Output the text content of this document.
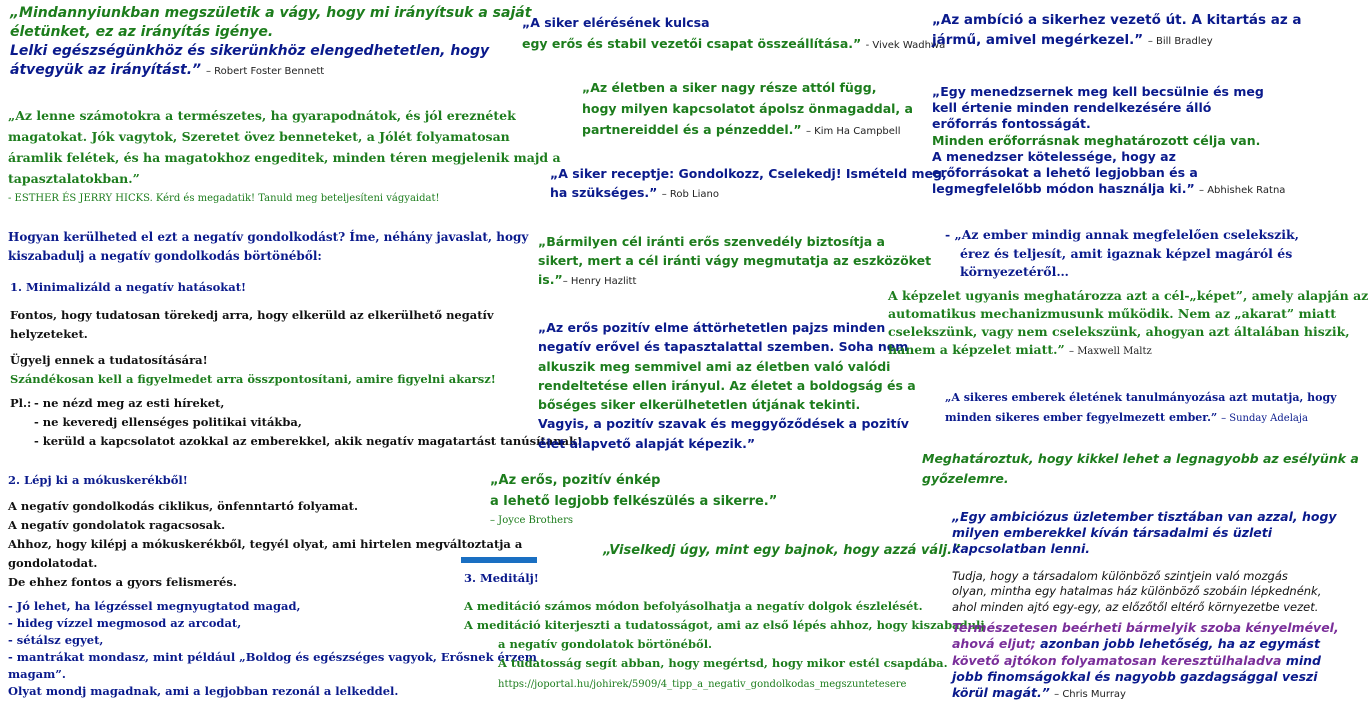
„Mindannyiunkban megszületik a vágy, hogy mi irányítsuk a saját
életünket, ez az irányítás igénye.
Lelki egészségünkhöz és sikerünkhöz elengedhetetlen, hogy
átvegyük az irányítást.” – Robert Foster Bennett
„Az lenne számotokra a természetes, ha gyarapodnátok, és jól ereznétek
magatokat. Jók vagytok, Szeretet övez benneteket, a Jólét folyamatosan
áramlik felétek, és ha magatokhoz engeditek, minden téren megjelenik majd a
tapasztalatokban.”
- ESTHER ÉS JERRY HICKS. Kérd és megadatik! Tanuld meg beteljesíteni vágyaidat!
Hogyan kerülheted el ezt a negatív gondolkodást? Íme, néhány javaslat, hogy
kiszabadulj a negatív gondolkodás börtönéből:
1. Minimalizáld a negatív hatásokat!
Fontos, hogy tudatosan törekedj arra, hogy elkerüld az elkerülhető negatív
helyzeteket.
Ügyelj ennek a tudatosítására!
Szándékosan kell a figyelmedet arra összpontosítani, amire figyelni akarsz!
Pl.: - ne nézd meg az esti híreket,
- ne keveredj ellenséges politikai vitákba,
- kerüld a kapcsolatot azokkal az emberekkel, akik negatív magatartást tanúsítanak!
2. Lépj ki a mókuskerékből!
A negatív gondolkodás ciklikus, önfenntartó folyamat.
A negatív gondolatok ragacsosak.
Ahhoz, hogy kilépj a mókuskerékből, tegyél olyat, ami hirtelen megváltoztatja a
gondolatodat.
De ehhez fontos a gyors felismerés.
- Jó lehet, ha légzéssel megnyugtatod magad,
- hideg vízzel megmosod az arcodat,
- sétálsz egyet,
- mantrákat mondasz, mint például „Boldog és egészséges vagyok, Erősnek érzem
magam”.
Olyat mondj magadnak, ami a legjobban rezonál a lelkeddel.
„A siker elérésének kulcsa
egy erős és stabil vezetői csapat összeállítása.” - Vivek Wadhwa
„Az életben a siker nagy része attól függ,
hogy milyen kapcsolatot ápolsz önmagaddal, a
partnereiddel és a pénzeddel.” – Kim Ha Campbell
„A siker receptje: Gondolkozz, Cselekedj! Ismételd meg,
ha szükséges.” – Rob Liano
„Bármilyen cél iránti erős szenvedély biztosítja a
sikert, mert a cél iránti vágy megmutatja az eszközöket
is.”– Henry Hazlitt
„Az erős pozitív elme áttörhetetlen pajzs minden
negatív erővel és tapasztalattal szemben. Soha nem
alkuszik meg semmivel ami az életben való valódi
rendeltetése ellen irányul. Az életet a boldogság és a
bőséges siker elkerülhetetlen útjának tekinti.
Vagyis, a pozitív szavak és meggyőződések a pozitív
élet alapvető alapját képezik.”
„Az erős, pozitív énkép
a lehető legjobb felkészülés a sikerre.”
– Joyce Brothers
„Viselkedj úgy, mint egy bajnok, hogy azzá válj.”
3. Meditálj!
A meditáció számos módon befolyásolhatja a negatív dolgok észlelését.
A meditáció kiterjeszti a tudatosságot, ami az első lépés ahhoz, hogy kiszabadulj
a negatív gondolatok börtönéből.
A tudatosság segít abban, hogy megértsd, hogy mikor estél csapdába.
https://joportal.hu/johirek/5909/4_tipp_a_negativ_gondolkodas_megszuntetesere
„Az ambíció a sikerhez vezető út. A kitartás az a
jármű, amivel megérkezel.” – Bill Bradley
„Egy menedzsernek meg kell becsülnie és meg
kell értenie minden rendelkezésére álló
erőforrás fontosságát.
Minden erőforrásnak meghatározott célja van.
A menedzser kötelessége, hogy az
erőforrásokat a lehető legjobban és a
legmegfelelőbb módon használja ki.” – Abhishek Ratna
- „Az ember mindig annak megfelelően cselekszik,
érez és teljesít, amit igaznak képzel magáról és
környezetéről…
A képzelet ugyanis meghatározza azt a cél-„képet”, amely alapján az
automatikus mechanizmusunk működik. Nem az „akarat” miatt
cselekszünk, vagy nem cselekszünk, ahogyan azt általában hiszik,
hanem a képzelet miatt.” – Maxwell Maltz
„A sikeres emberek életének tanulmányozása azt mutatja, hogy
minden sikeres ember fegyelmezett ember.” – Sunday Adelaja
Meghatároztuk, hogy kikkel lehet a legnagyobb az esélyünk a
győzelemre.
„Egy ambiciózus üzletember tisztában van azzal, hogy
milyen emberekkel kíván társadalmi és üzleti
kapcsolatban lenni.
Tudja, hogy a társadalom különböző szintjein való mozgás
olyan, mintha egy hatalmas ház különböző szobáin lépkednénk,
ahol minden ajtó egy-egy, az előzőtől eltérő környezetbe vezet.
Természetesen beérheti bármelyik szoba kényelmével,
ahová eljut; azonban jobb lehetőség, ha az egymást
követő ajtókon folyamatosan keresztülhaladva mind
jobb finomságokkal és nagyobb gazdagsággal veszi
körül magát.” – Chris Murray
